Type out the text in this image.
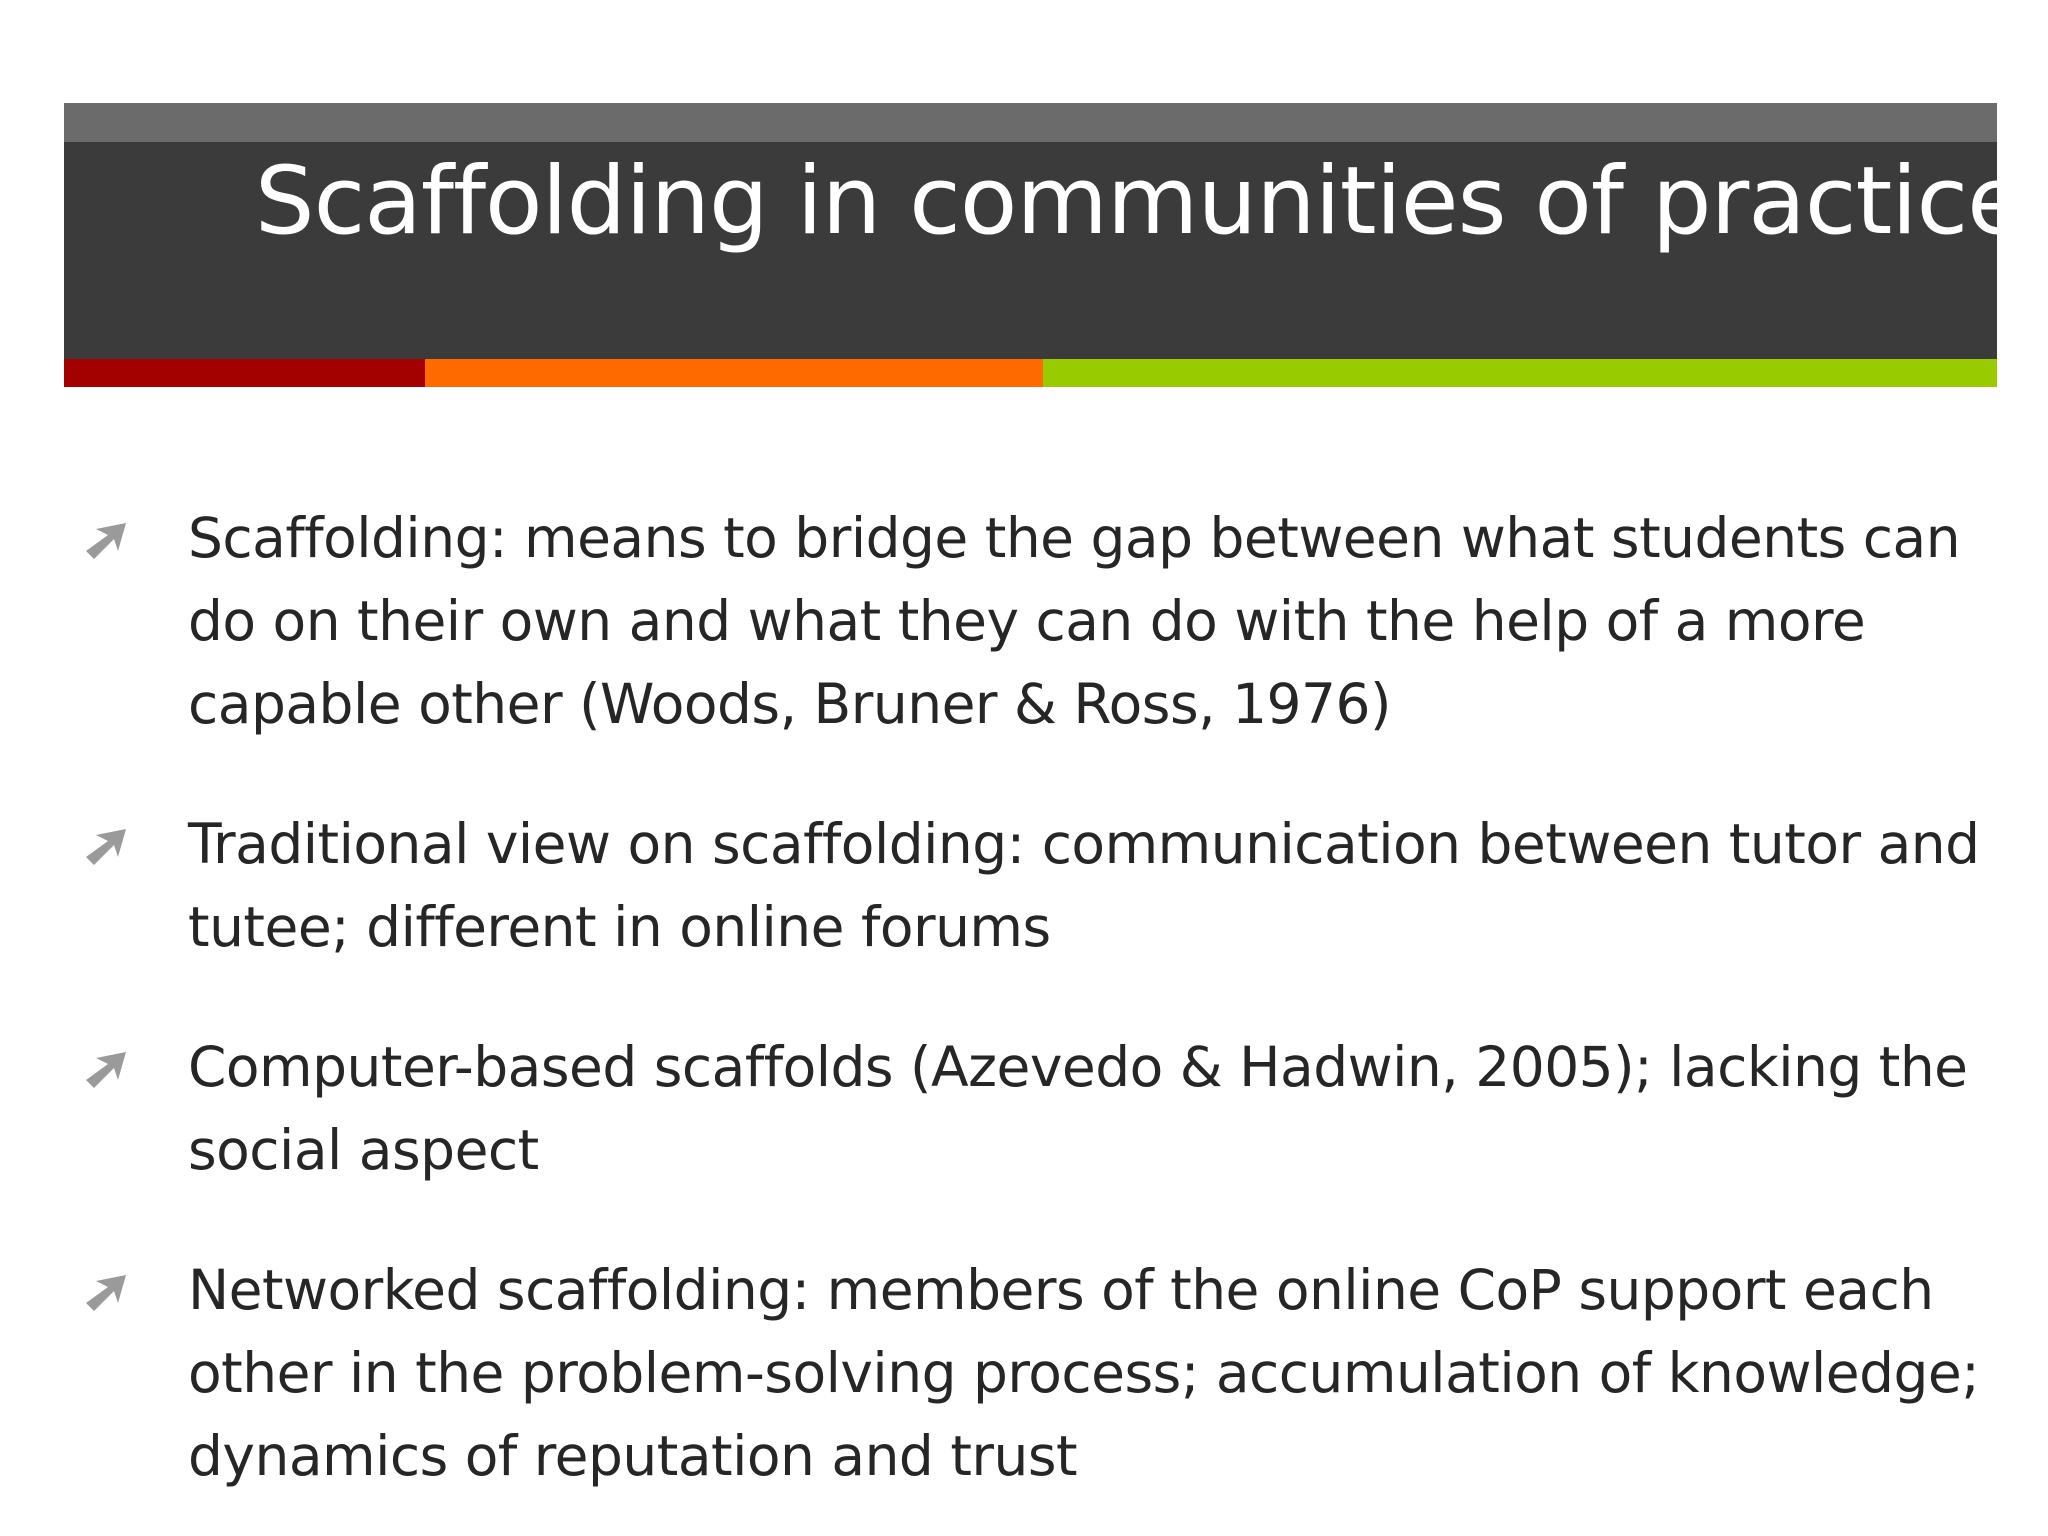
Scaffolding in communities of practice
Scaffolding: means to bridge the gap between what students can do on their own and what they can do with the help of a more capable other (Woods, Bruner & Ross, 1976)
Traditional view on scaffolding: communication between tutor and tutee; different in online forums
Computer-based scaffolds (Azevedo & Hadwin, 2005); lacking the social aspect
Networked scaffolding: members of the online CoP support each other in the problem-solving process; accumulation of knowledge; dynamics of reputation and trust
